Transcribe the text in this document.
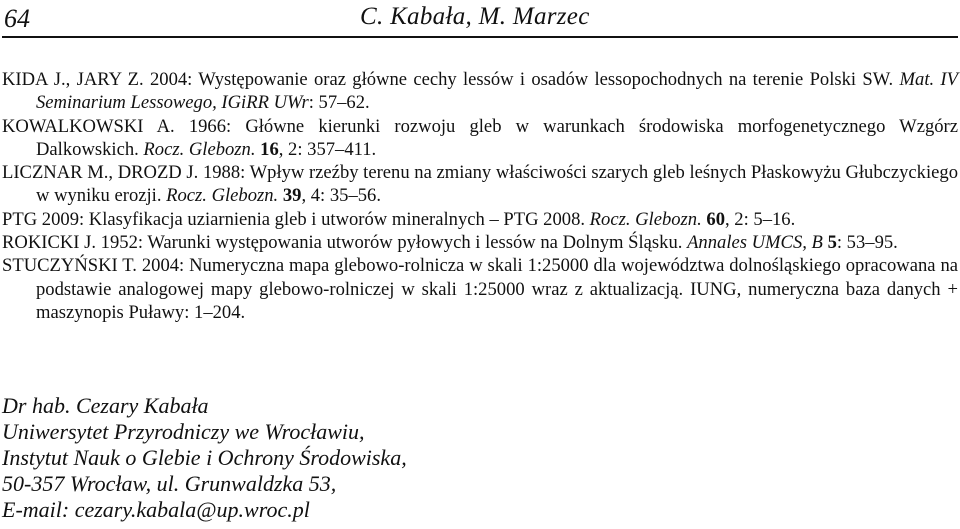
64	C. Kabała, M. Marzec

KIDA J., JARY Z. 2004: Występowanie oraz główne cechy lessów i osadów lessopochodnych na terenie Polski SW. Mat. IV Seminarium Lessowego, IGiRR UWr: 57–62.

KOWALKOWSKI A. 1966: Główne kierunki rozwoju gleb w warunkach środowiska morfogenetycznego Wzgórz Dalkowskich. Rocz. Glebozn. 16, 2: 357–411.

LICZNAR M., DROZD J. 1988: Wpływ rzeźby terenu na zmiany właściwości szarych gleb leśnych Płaskowyżu Głubczyckiego w wyniku erozji. Rocz. Glebozn. 39, 4: 35–56.

PTG 2009: Klasyfikacja uziarnienia gleb i utworów mineralnych – PTG 2008. Rocz. Glebozn. 60, 2: 5–16.

ROKICKI J. 1952: Warunki występowania utworów pyłowych i lessów na Dolnym Śląsku. Annales UMCS, B 5: 53–95.

STUCZYŃSKI T. 2004: Numeryczna mapa glebowo-rolnicza w skali 1:25000 dla województwa dolnośląskiego opracowana na podstawie analogowej mapy glebowo-rolniczej w skali 1:25000 wraz z aktualizacją. IUNG, numeryczna baza danych + maszynopis Puławy: 1–204.

Dr hab. Cezary Kabała
Uniwersytet Przyrodniczy we Wrocławiu,
Instytut Nauk o Glebie i Ochrony Środowiska,
50-357 Wrocław, ul. Grunwaldzka 53,
E-mail: cezary.kabala@up.wroc.pl
